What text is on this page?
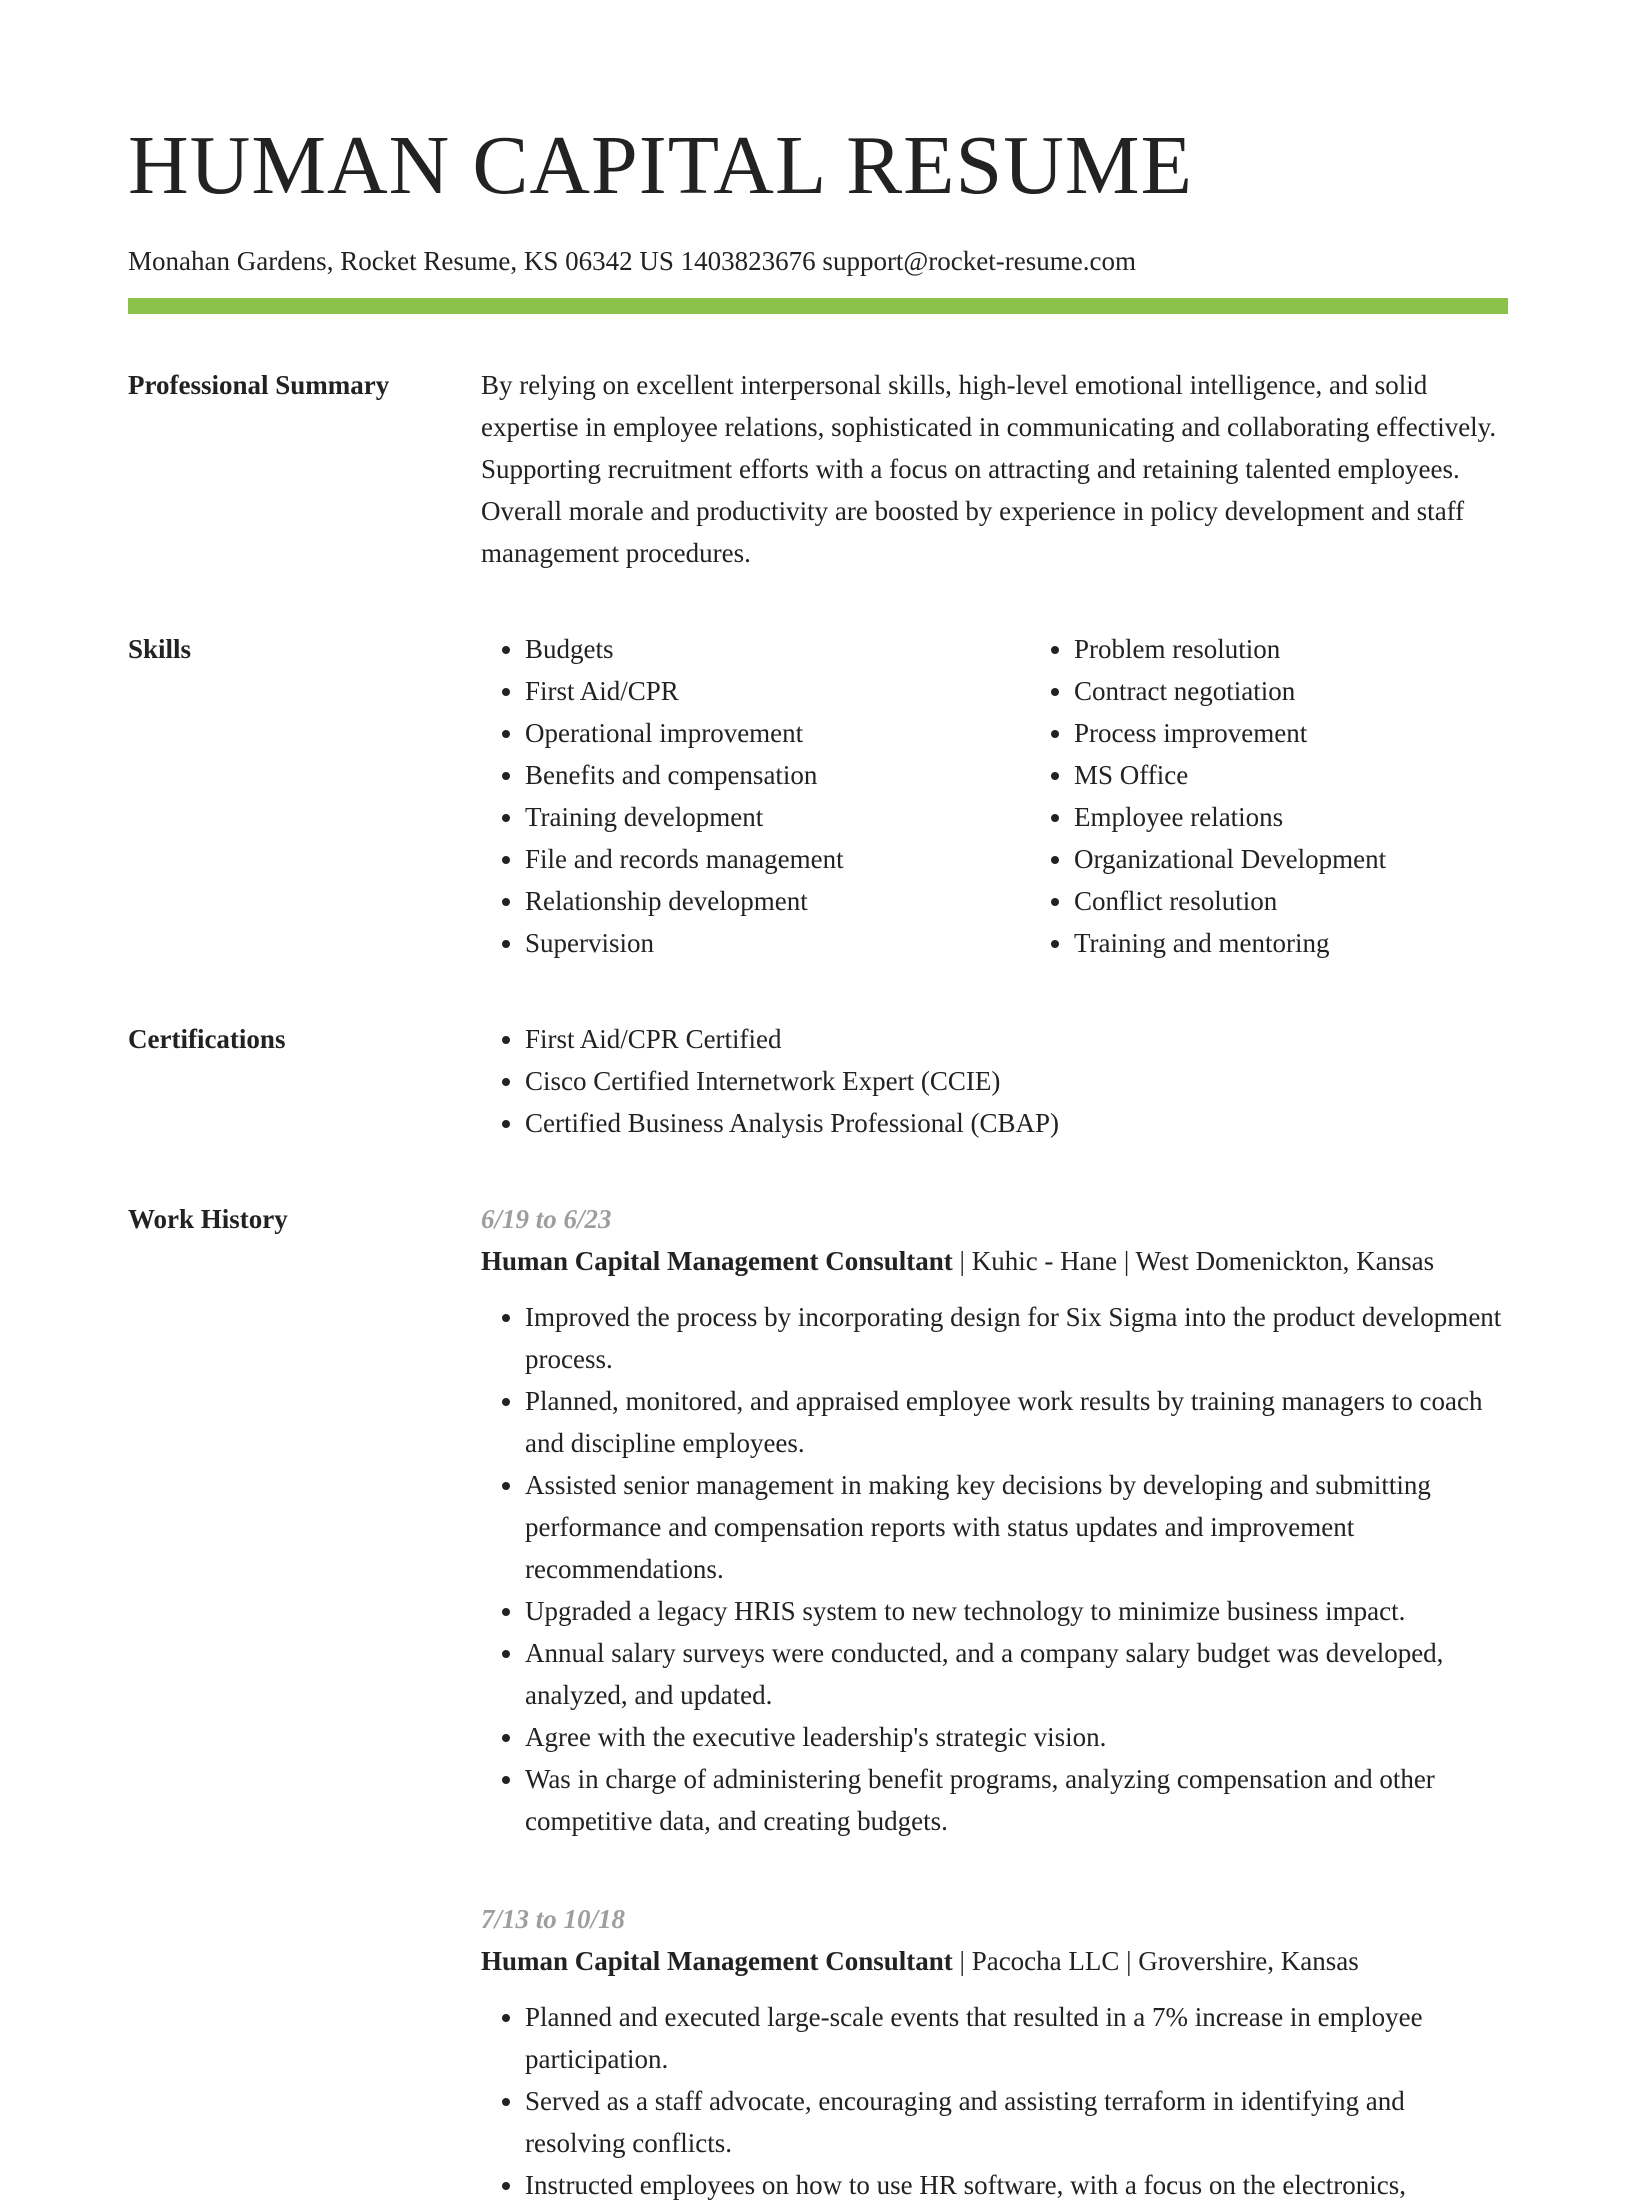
HUMAN CAPITAL RESUME
Monahan Gardens, Rocket Resume, KS 06342 US 1403823676 support@rocket-resume.com
Professional Summary	By relying on excellent interpersonal skills, high-level emotional intelligence, and solid expertise in employee relations, sophisticated in communicating and collaborating effectively. Supporting recruitment efforts with a focus on attracting and retaining talented employees. Overall morale and productivity are boosted by experience in policy development and staff management procedures.

Skills	• Budgets
• First Aid/CPR
• Operational improvement
• Benefits and compensation
• Training development
• File and records management
• Relationship development
• Supervision
• Problem resolution
• Contract negotiation
• Process improvement
• MS Office
• Employee relations
• Organizational Development
• Conflict resolution
• Training and mentoring
Certifications	• First Aid/CPR Certified
• Cisco Certified Internetwork Expert (CCIE)
• Certified Business Analysis Professional (CBAP)
Work History	6/19 to 6/23
Human Capital Management Consultant | Kuhic - Hane | West Domenickton, Kansas
• Improved the process by incorporating design for Six Sigma into the product development process.
• Planned, monitored, and appraised employee work results by training managers to coach and discipline employees.
• Assisted senior management in making key decisions by developing and submitting performance and compensation reports with status updates and improvement recommendations.
• Upgraded a legacy HRIS system to new technology to minimize business impact.
• Annual salary surveys were conducted, and a company salary budget was developed, analyzed, and updated.
• Agree with the executive leadership's strategic vision.
• Was in charge of administering benefit programs, analyzing compensation and other competitive data, and creating budgets.
7/13 to 10/18
Human Capital Management Consultant | Pacocha LLC | Grovershire, Kansas
• Planned and executed large-scale events that resulted in a 7% increase in employee participation.
• Served as a staff advocate, encouraging and assisting terraform in identifying and resolving conflicts.
• Instructed employees on how to use HR software, with a focus on the electronics,
